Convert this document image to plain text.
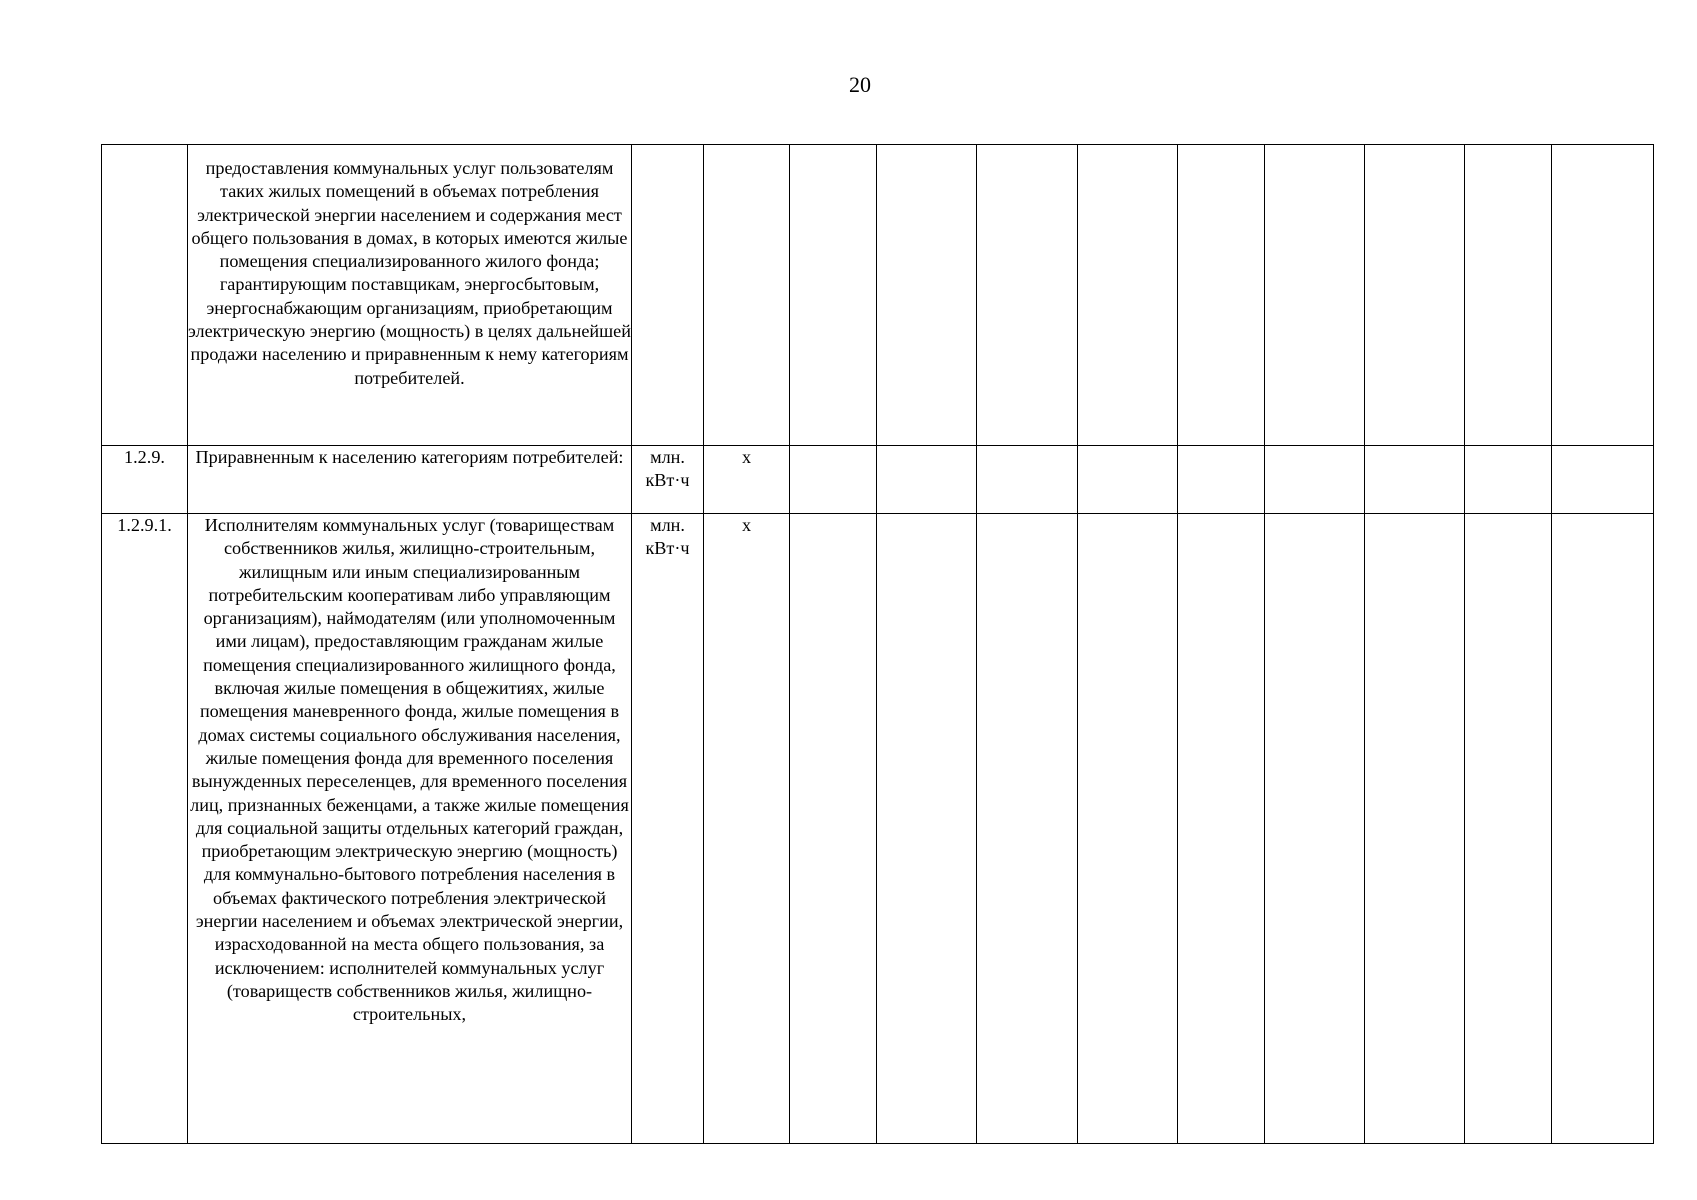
20
	предоставления коммунальных услуг пользователям таких жилых помещений в объемах потребления электрической энергии населением и содержания мест общего пользования в домах, в которых имеются жилые помещения специализированного жилого фонда; гарантирующим поставщикам, энергосбытовым, энергоснабжающим организациям, приобретающим электрическую энергию (мощность) в целях дальнейшей продажи населению и приравненным к нему категориям потребителей.											
1.2.9.	Приравненным к населению категориям потребителей:	млн. кВт·ч	x									
1.2.9.1.	Исполнителям коммунальных услуг (товариществам собственников жилья, жилищно-строительным, жилищным или иным специализированным потребительским кооперативам либо управляющим организациям), наймодателям (или уполномоченным ими лицам), предоставляющим гражданам жилые помещения специализированного жилищного фонда, включая жилые помещения в общежитиях, жилые помещения маневренного фонда, жилые помещения в домах системы социального обслуживания населения, жилые помещения фонда для временного поселения вынужденных переселенцев, для временного поселения лиц, признанных беженцами, а также жилые помещения для социальной защиты отдельных категорий граждан, приобретающим электрическую энергию (мощность) для коммунально-бытового потребления населения в объемах фактического потребления электрической энергии населением и объемах электрической энергии, израсходованной на места общего пользования, за исключением: исполнителей коммунальных услуг (товариществ собственников жилья, жилищно-строительных,	млн. кВт·ч	x									
